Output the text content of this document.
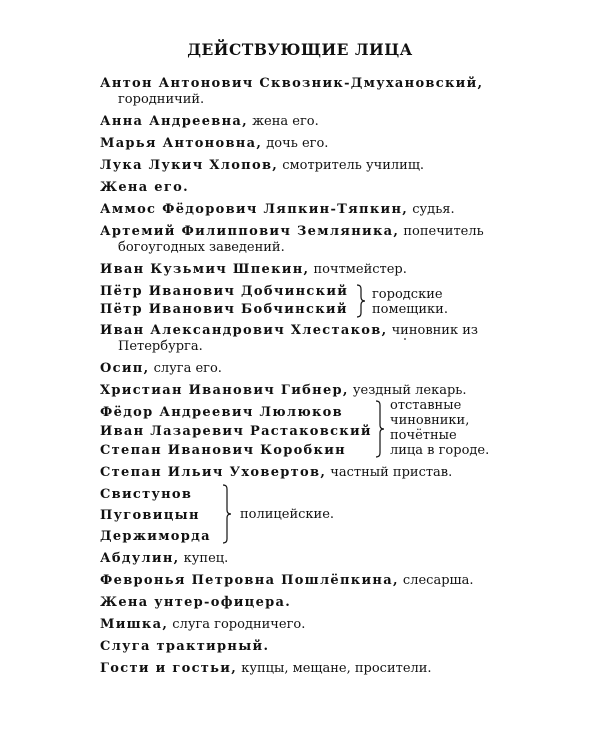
ДЕЙСТВУЮЩИЕ ЛИЦА
Антон Антонович Сквозник-Дмухановский,
городничий.
Анна Андреевна, жена его.
Марья Антоновна, дочь его.
Лука Лукич Хлопов, смотритель училищ.
Жена его.
Аммос Фёдорович Ляпкин-Тяпкин, судья.
Артемий Филиппович Земляника, попечитель
богоугодных заведений.
Иван Кузьмич Шпекин, почтмейстер.
Пётр Иванович Добчинский
Пётр Иванович Бобчинский
городские
помещики.
Иван Александрович Хлестаков, чиновник из
Петербурга.
Осип, слуга его.
Христиан Иванович Гибнер, уездный лекарь.
Фёдор Андреевич Люлюков
Иван Лазаревич Растаковский
Степан Иванович Коробкин
отставные
чиновники,
почётные
лица в городе.
Степан Ильич Уховертов, частный пристав.
Свистунов
Пуговицын
Держиморда
полицейские.
Абдулин, купец.
Февронья Петровна Пошлёпкина, слесарша.
Жена унтер-офицера.
Мишка, слуга городничего.
Слуга трактирный.
Гости и гостьи, купцы, мещане, просители.
